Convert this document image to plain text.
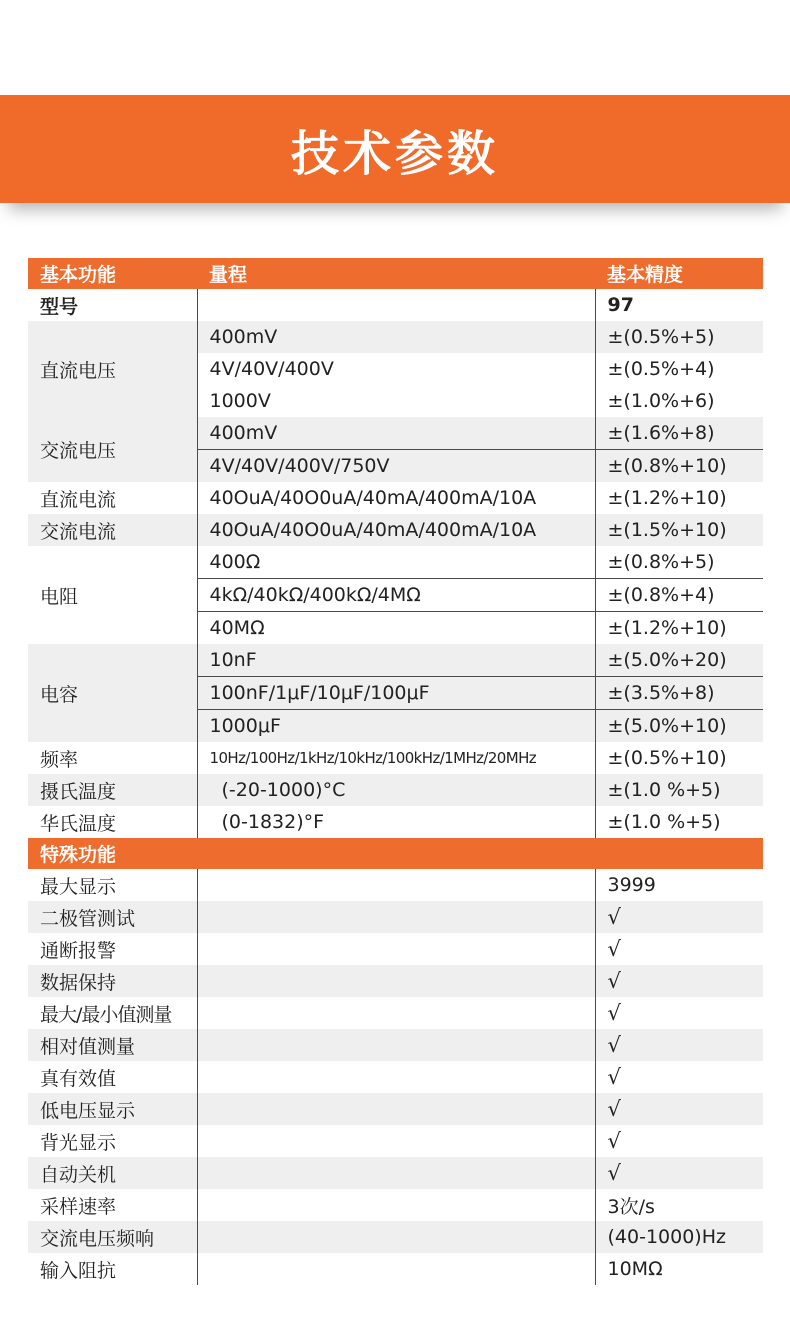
技术参数
基本功能	量程	基本精度
型号		97
直流电压	400mV	±(0.5%+5)
	4V/40V/400V	±(0.5%+4)
	1000V	±(1.0%+6)
交流电压	400mV	±(1.6%+8)
	4V/40V/400V/750V	±(0.8%+10)
直流电流	40OuA/40O0uA/40mA/400mA/10A	±(1.2%+10)
交流电流	40OuA/40O0uA/40mA/400mA/10A	±(1.5%+10)
电阻	400Ω	±(0.8%+5)
	4kΩ/40kΩ/400kΩ/4MΩ	±(0.8%+4)
	40MΩ	±(1.2%+10)
电容	10nF	±(5.0%+20)
	100nF/1μF/10μF/100μF	±(3.5%+8)
	1000μF	±(5.0%+10)
频率	10Hz/100Hz/1kHz/10kHz/100kHz/1MHz/20MHz	±(0.5%+10)
摄氏温度	(-20-1000)°C	±(1.0 %+5)
华氏温度	(0-1832)°F	±(1.0 %+5)
特殊功能		
最大显示		3999
二极管测试		√
通断报警		√
数据保持		√
最大/最小值测量		√
相对值测量		√
真有效值		√
低电压显示		√
背光显示		√
自动关机		√
采样速率		3次/s
交流电压频响		(40-1000)Hz
输入阻抗		10MΩ
